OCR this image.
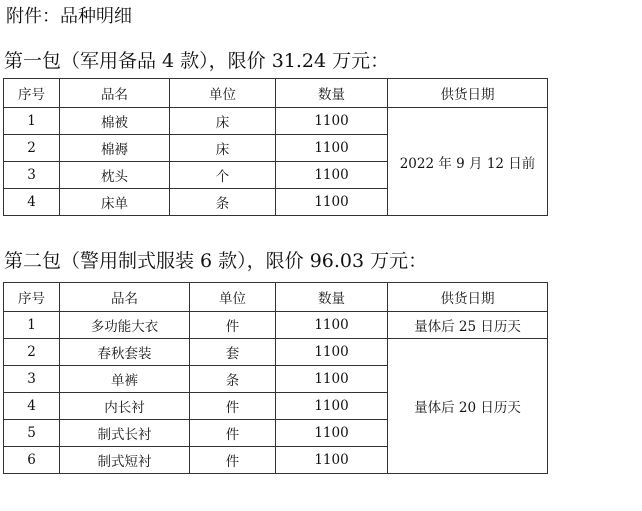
附件：品种明细
第一包（军用备品 4 款），限价 31.24 万元：
序号	品名	单位	数量	供货日期
1	棉被	床	1100	2022 年 9 月 12 日前
2	棉褥	床	1100	
3	枕头	个	1100	
4	床单	条	1100	
第二包（警用制式服装 6 款），限价 96.03 万元：
序号	品名	单位	数量	供货日期
1	多功能大衣	件	1100	量体后 25 日历天
2	春秋套装	套	1100	量体后 20 日历天
3	单裤	条	1100	
4	内长衬	件	1100	
5	制式长衬	件	1100	
6	制式短衬	件	1100	
